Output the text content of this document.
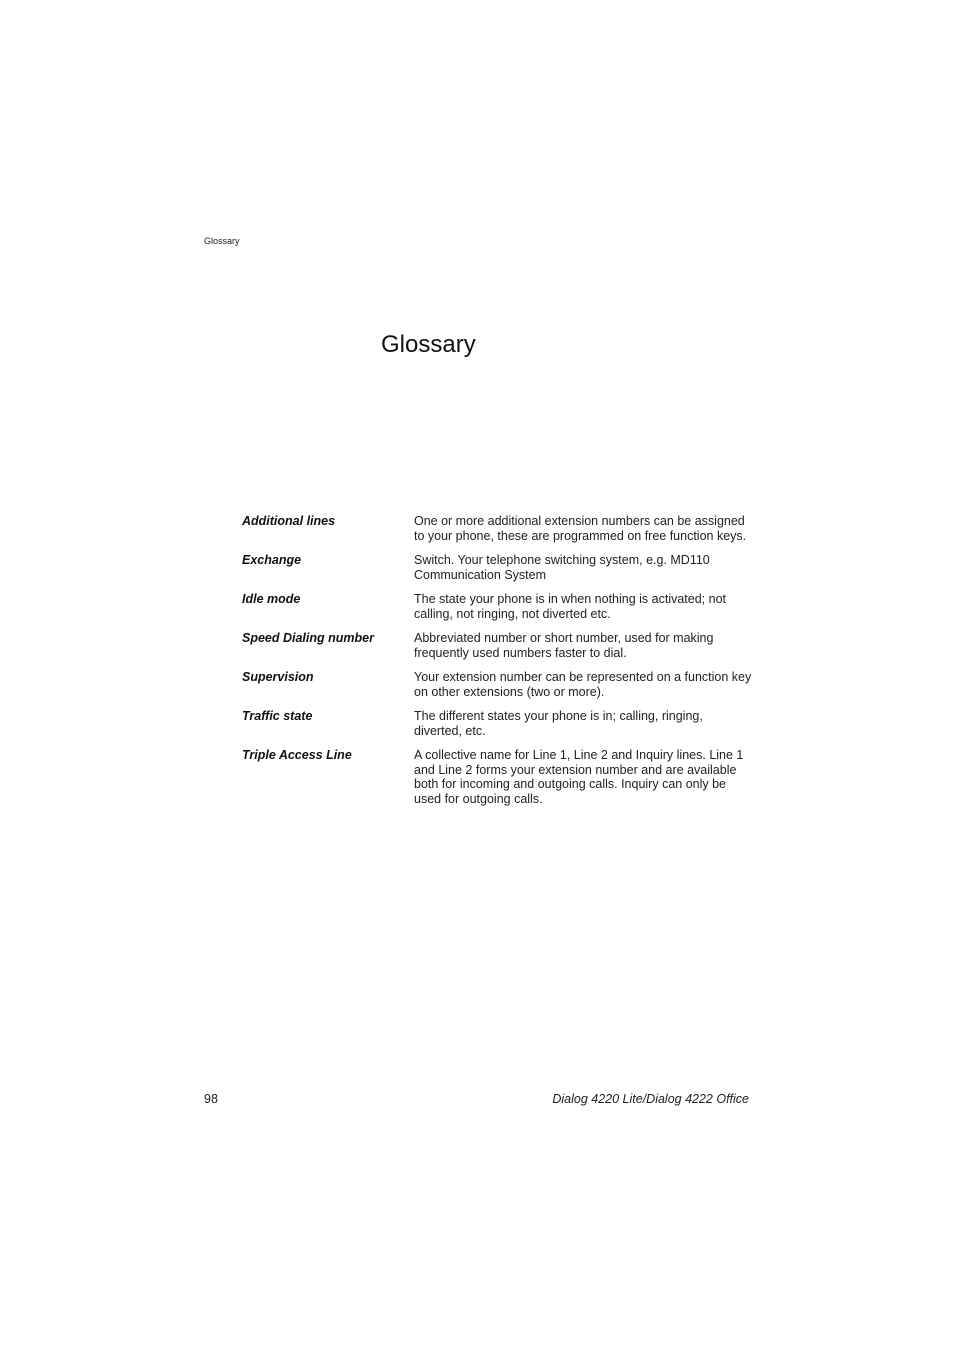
Glossary
Glossary
Additional lines	One or more additional extension numbers can be assigned to your phone, these are programmed on free function keys.
Exchange	Switch. Your telephone switching system, e.g. MD110 Communication System
Idle mode	The state your phone is in when nothing is activated; not calling, not ringing, not diverted etc.
Speed Dialing number	Abbreviated number or short number, used for making frequently used numbers faster to dial.
Supervision	Your extension number can be represented on a function key on other extensions (two or more).
Traffic state	The different states your phone is in; calling, ringing, diverted, etc.
Triple Access Line	A collective name for Line 1, Line 2 and Inquiry lines. Line 1 and Line 2 forms your extension number and are available both for incoming and outgoing calls. Inquiry can only be used for outgoing calls.
98	Dialog 4220 Lite/Dialog 4222 Office
